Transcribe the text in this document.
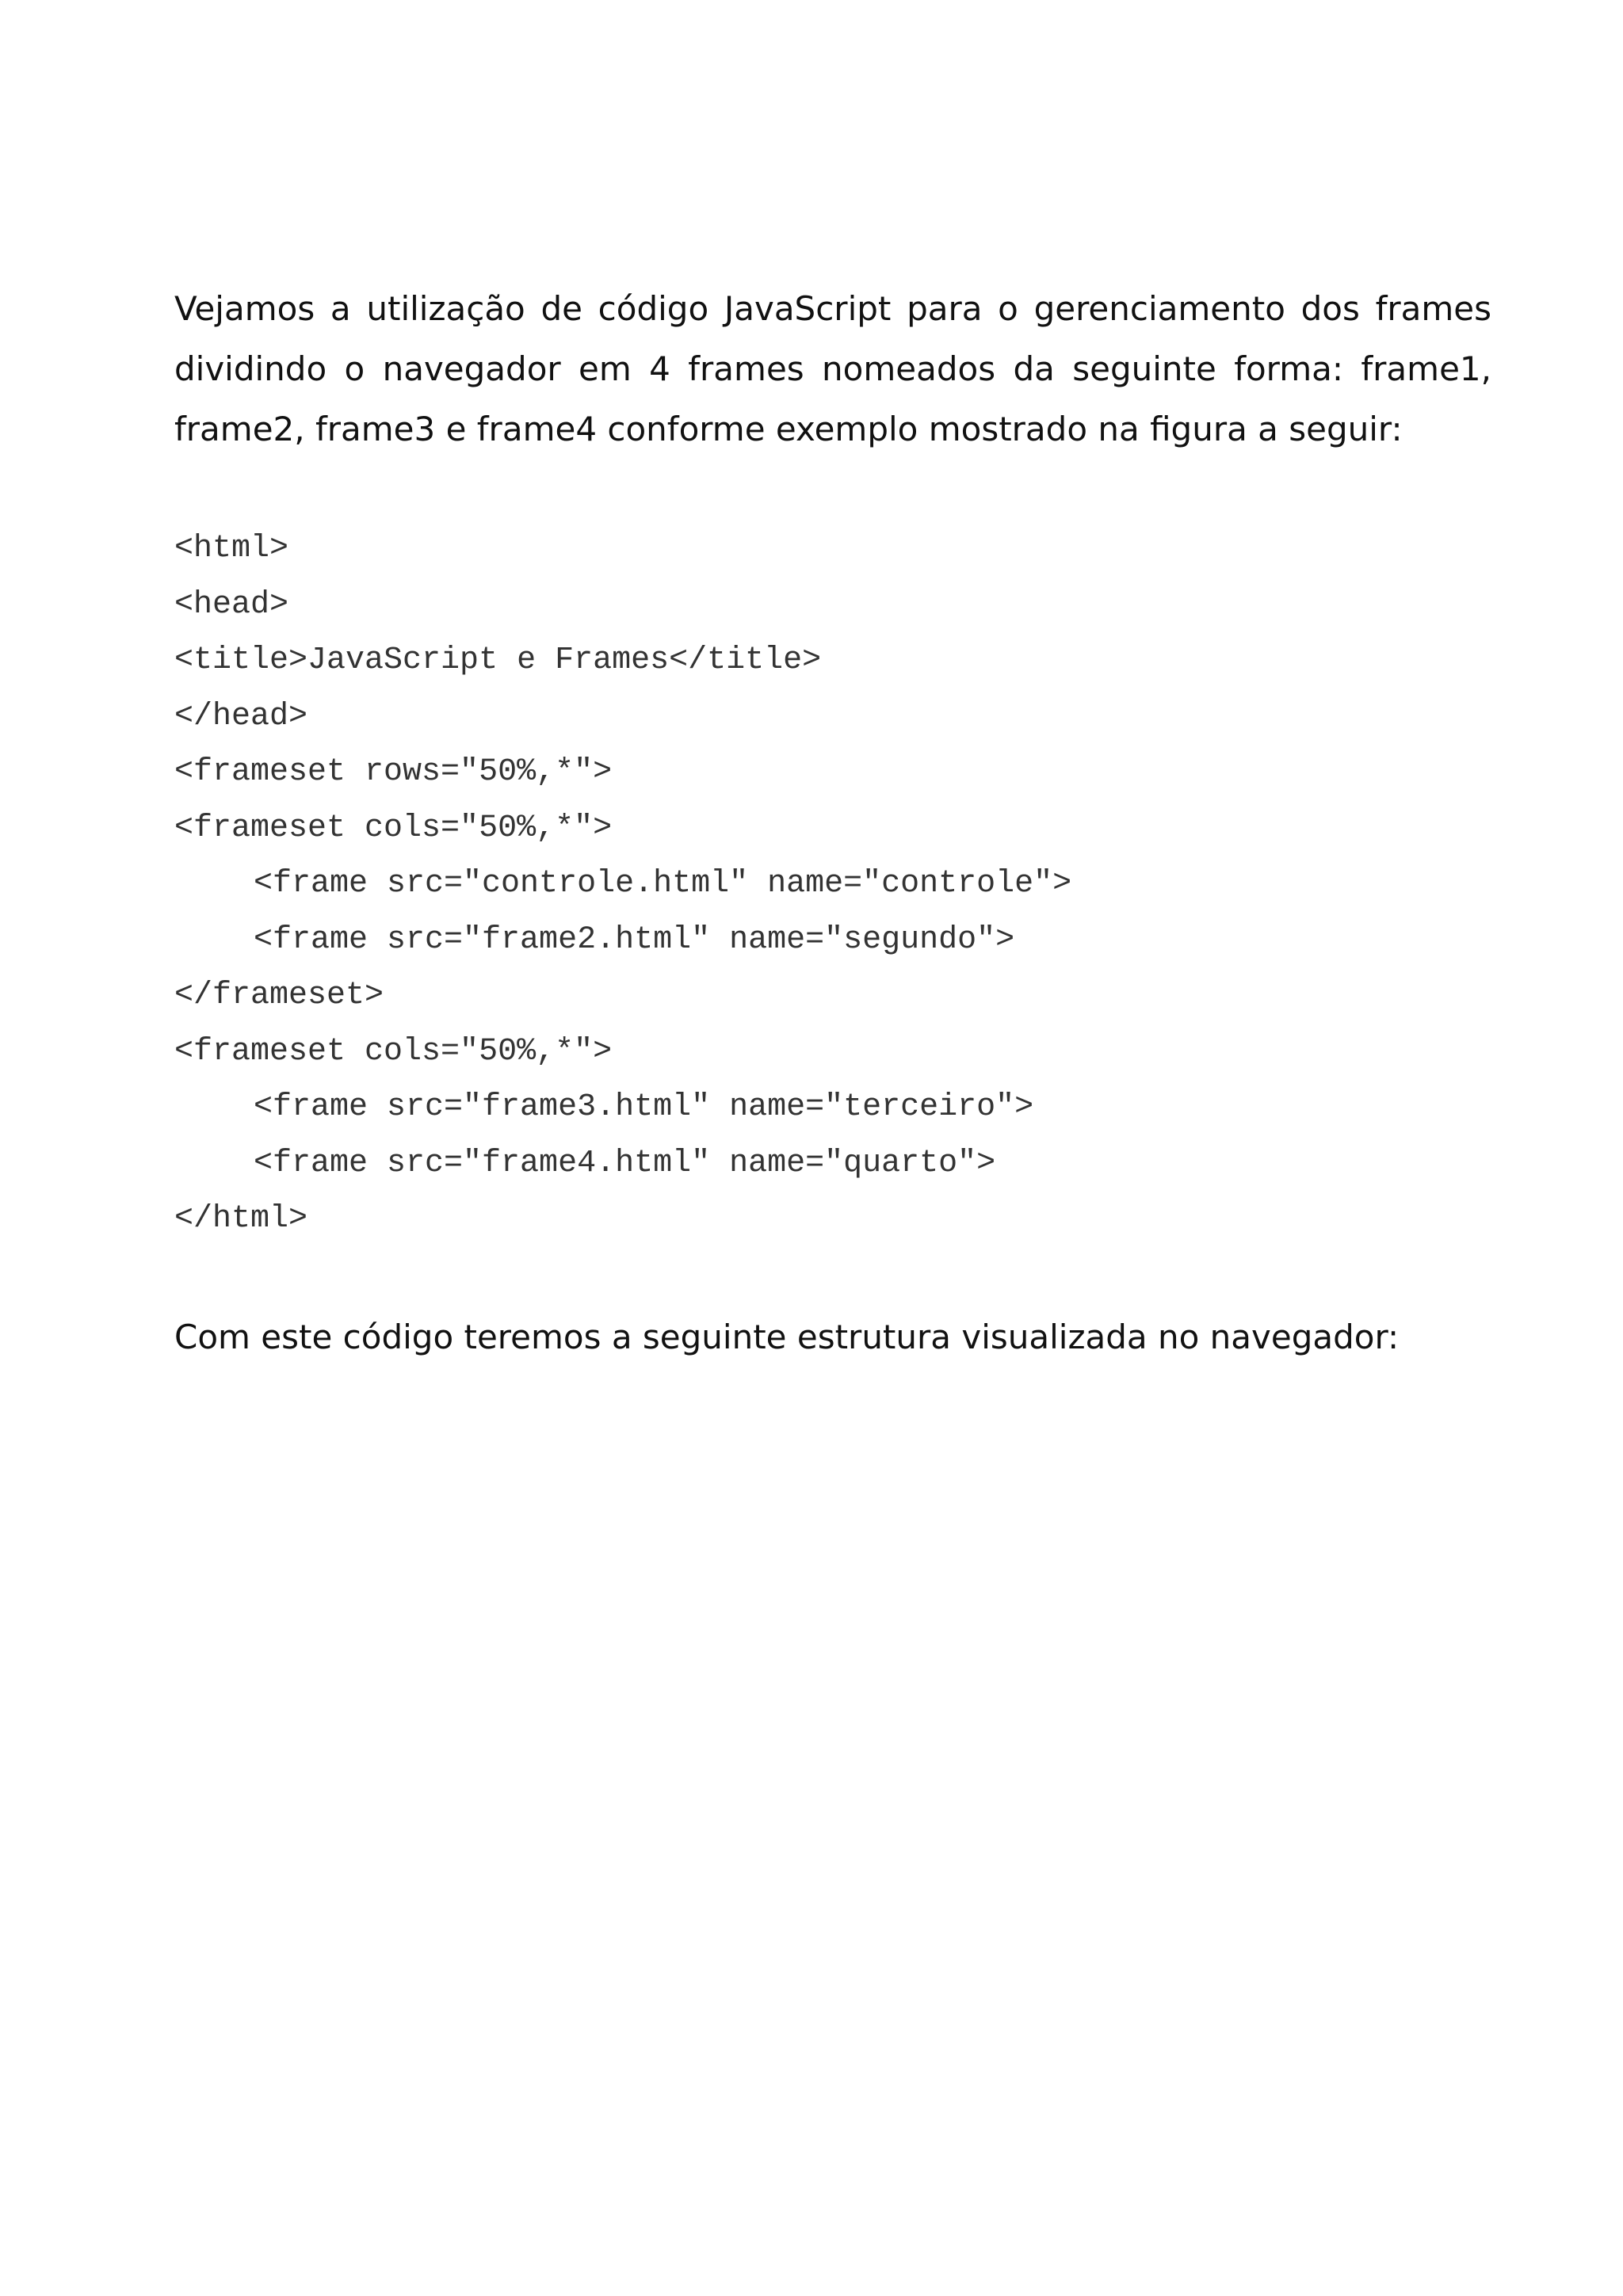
Vejamos a utilização de código JavaScript para o gerenciamento dos frames dividindo o navegador em 4 frames nomeados da seguinte forma: frame1, frame2, frame3 e frame4 conforme exemplo mostrado na figura a seguir:

<html>
<head>
<title>JavaScript e Frames</title>
</head>
<frameset rows="50%,*">
<frameset cols="50%,*">
<frame src="controle.html" name="controle">
<frame src="frame2.html" name="segundo">
</frameset>
<frameset cols="50%,*">
<frame src="frame3.html" name="terceiro">
<frame src="frame4.html" name="quarto">
</html>

Com este código teremos a seguinte estrutura visualizada no navegador:
